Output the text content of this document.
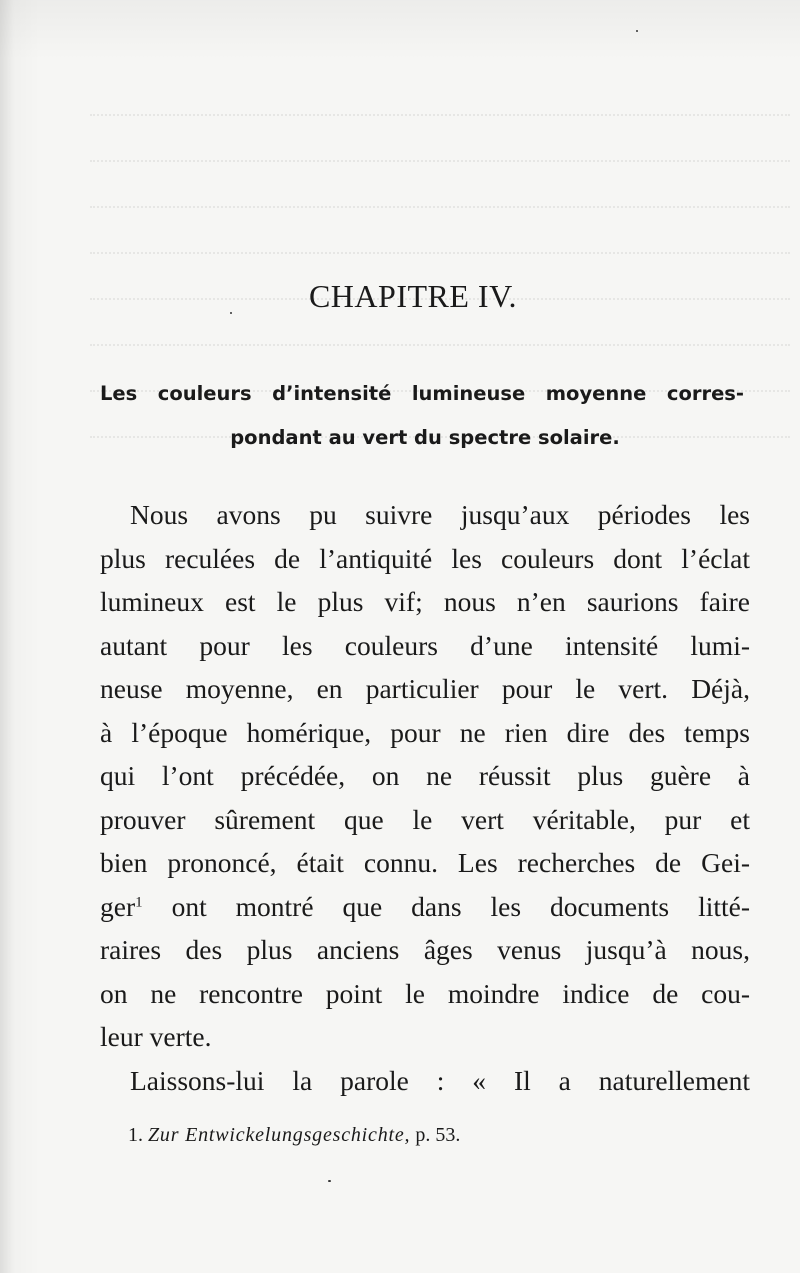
CHAPITRE IV.
Les couleurs d’intensité lumineuse moyenne corres-
pondant au vert du spectre solaire.
Nous avons pu suivre jusqu’aux périodes les
plus reculées de l’antiquité les couleurs dont l’éclat
lumineux est le plus vif; nous n’en saurions faire
autant pour les couleurs d’une intensité lumi-
neuse moyenne, en particulier pour le vert. Déjà,
à l’époque homérique, pour ne rien dire des temps
qui l’ont précédée, on ne réussit plus guère à
prouver sûrement que le vert véritable, pur et
bien prononcé, était connu. Les recherches de Gei-
ger$^1$ ont montré que dans les documents litté-
raires des plus anciens âges venus jusqu’à nous,
on ne rencontre point le moindre indice de cou-
leur verte.
Laissons-lui la parole : « Il a naturellement
1. Zur Entwickelungsgeschichte, p. 53.
